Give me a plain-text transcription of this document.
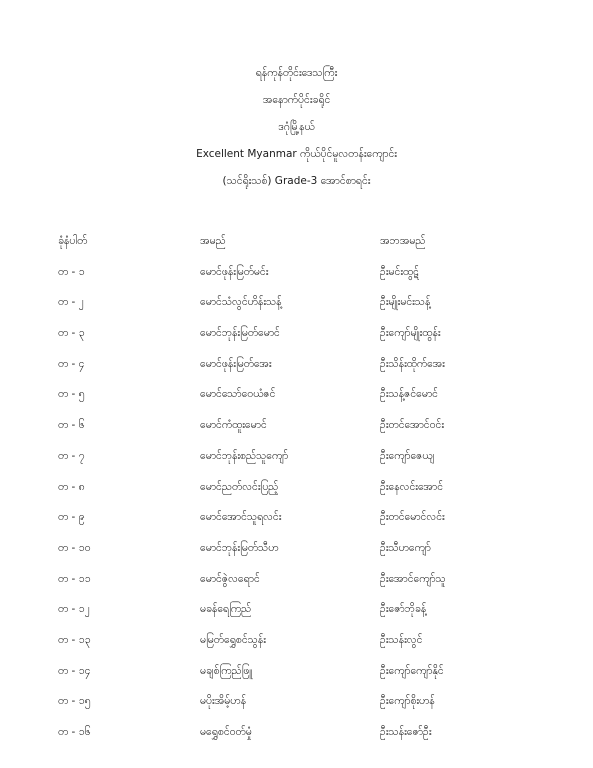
ရန်ကုန်တိုင်းဒေသကြီး
အနောက်ပိုင်းခရိုင်
ဒဂုံမြို့နယ်
Excellent Myanmar ကိုယ်ပိုင်မူလတန်းကျောင်း
(သင်ရိုးသစ်) Grade-3 အောင်စာရင်း
ခုံနံပါတ်	အမည်	အဘအမည်
တ - ၁	မောင်ဖုန်းမြတ်မင်း	ဦးမင်းထွဋ်
တ - ၂	မောင်သံလွင်ဟိန်းသန့်	ဦးမျိုးမင်းသန့်
တ - ၃	မောင်ဘုန်းမြတ်မောင်	ဦးကျော်မျိုးထွန်း
တ - ၄	မောင်ဖုန်းမြတ်အေး	ဦးသိန်းထိုက်အေး
တ - ၅	မောင်သော်ဝေယံဇင်	ဦးသန့်ဇင်မောင်
တ - ၆	မောင်ကံထူးမောင်	ဦးတင်အောင်ဝင်း
တ - ၇	မောင်ဘုန်းစည်သူကျော်	ဦးကျော်ဇေယျ
တ - ၈	မောင်ညတ်လင်းပြည့်	ဦးနေလင်းအောင်
တ - ၉	မောင်အောင်သူရလင်း	ဦးတင်မောင်လင်း
တ - ၁၀	မောင်ဘုန်းမြတ်သီဟ	ဦးသီဟကျော်
တ - ၁၁	မောင်ဇွဲလရောင်	ဦးအောင်ကျော်သူ
တ - ၁၂	မခန်ရေကြည်	ဦးဇော်ဘိုခန့်
တ - ၁၃	မမြတ်ရွှေစင်သွန်း	ဦးသန်းလွင်
တ - ၁၄	မချစ်ကြည်ဖြူ	ဦးကျော်ကျော်နိုင်
တ - ၁၅	မပိုးအိမ့်ဟန်	ဦးကျော်စိုးဟန်
တ - ၁၆	မရွှေစင်ဝတ်မှုံ	ဦးသန်းဇော်ဦး
